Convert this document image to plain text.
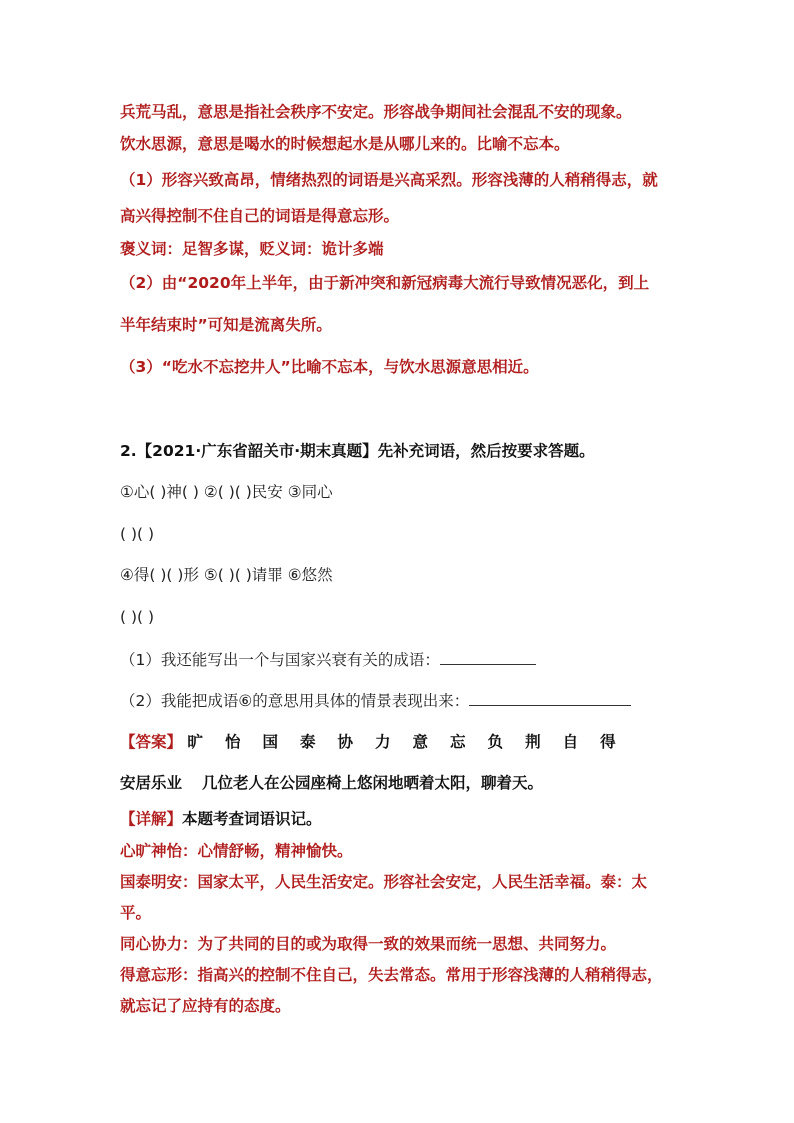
兵荒马乱，意思是指社会秩序不安定。形容战争期间社会混乱不安的现象。
饮水思源，意思是喝水的时候想起水是从哪儿来的。比喻不忘本。
（1）形容兴致高昂，情绪热烈的词语是兴高采烈。形容浅薄的人稍稍得志，就
高兴得控制不住自己的词语是得意忘形。
褒义词：足智多谋，贬义词：诡计多端
（2）由“2020年上半年，由于新冲突和新冠病毒大流行导致情况恶化，到上
半年结束时”可知是流离失所。
（3）“吃水不忘挖井人”比喻不忘本，与饮水思源意思相近。
2.【2021·广东省韶关市·期末真题】先补充词语，然后按要求答题。
①心( )神( ) ②( )( )民安 ③同心
( )( )
④得( )( )形 ⑤( )( )请罪 ⑥悠然
( )( )
（1）我还能写出一个与国家兴衰有关的成语：
（2）我能把成语⑥的意思用具体的情景表现出来：
【答案】 旷 怡 国 泰 协 力 意 忘 负 荆 自 得
安居乐业 几位老人在公园座椅上悠闲地晒着太阳，聊着天。
【详解】本题考查词语识记。
心旷神怡：心情舒畅，精神愉快。
国泰明安：国家太平，人民生活安定。形容社会安定，人民生活幸福。泰：太
平。
同心协力：为了共同的目的或为取得一致的效果而统一思想、共同努力。
得意忘形：指高兴的控制不住自己，失去常态。常用于形容浅薄的人稍稍得志，
就忘记了应持有的态度。
